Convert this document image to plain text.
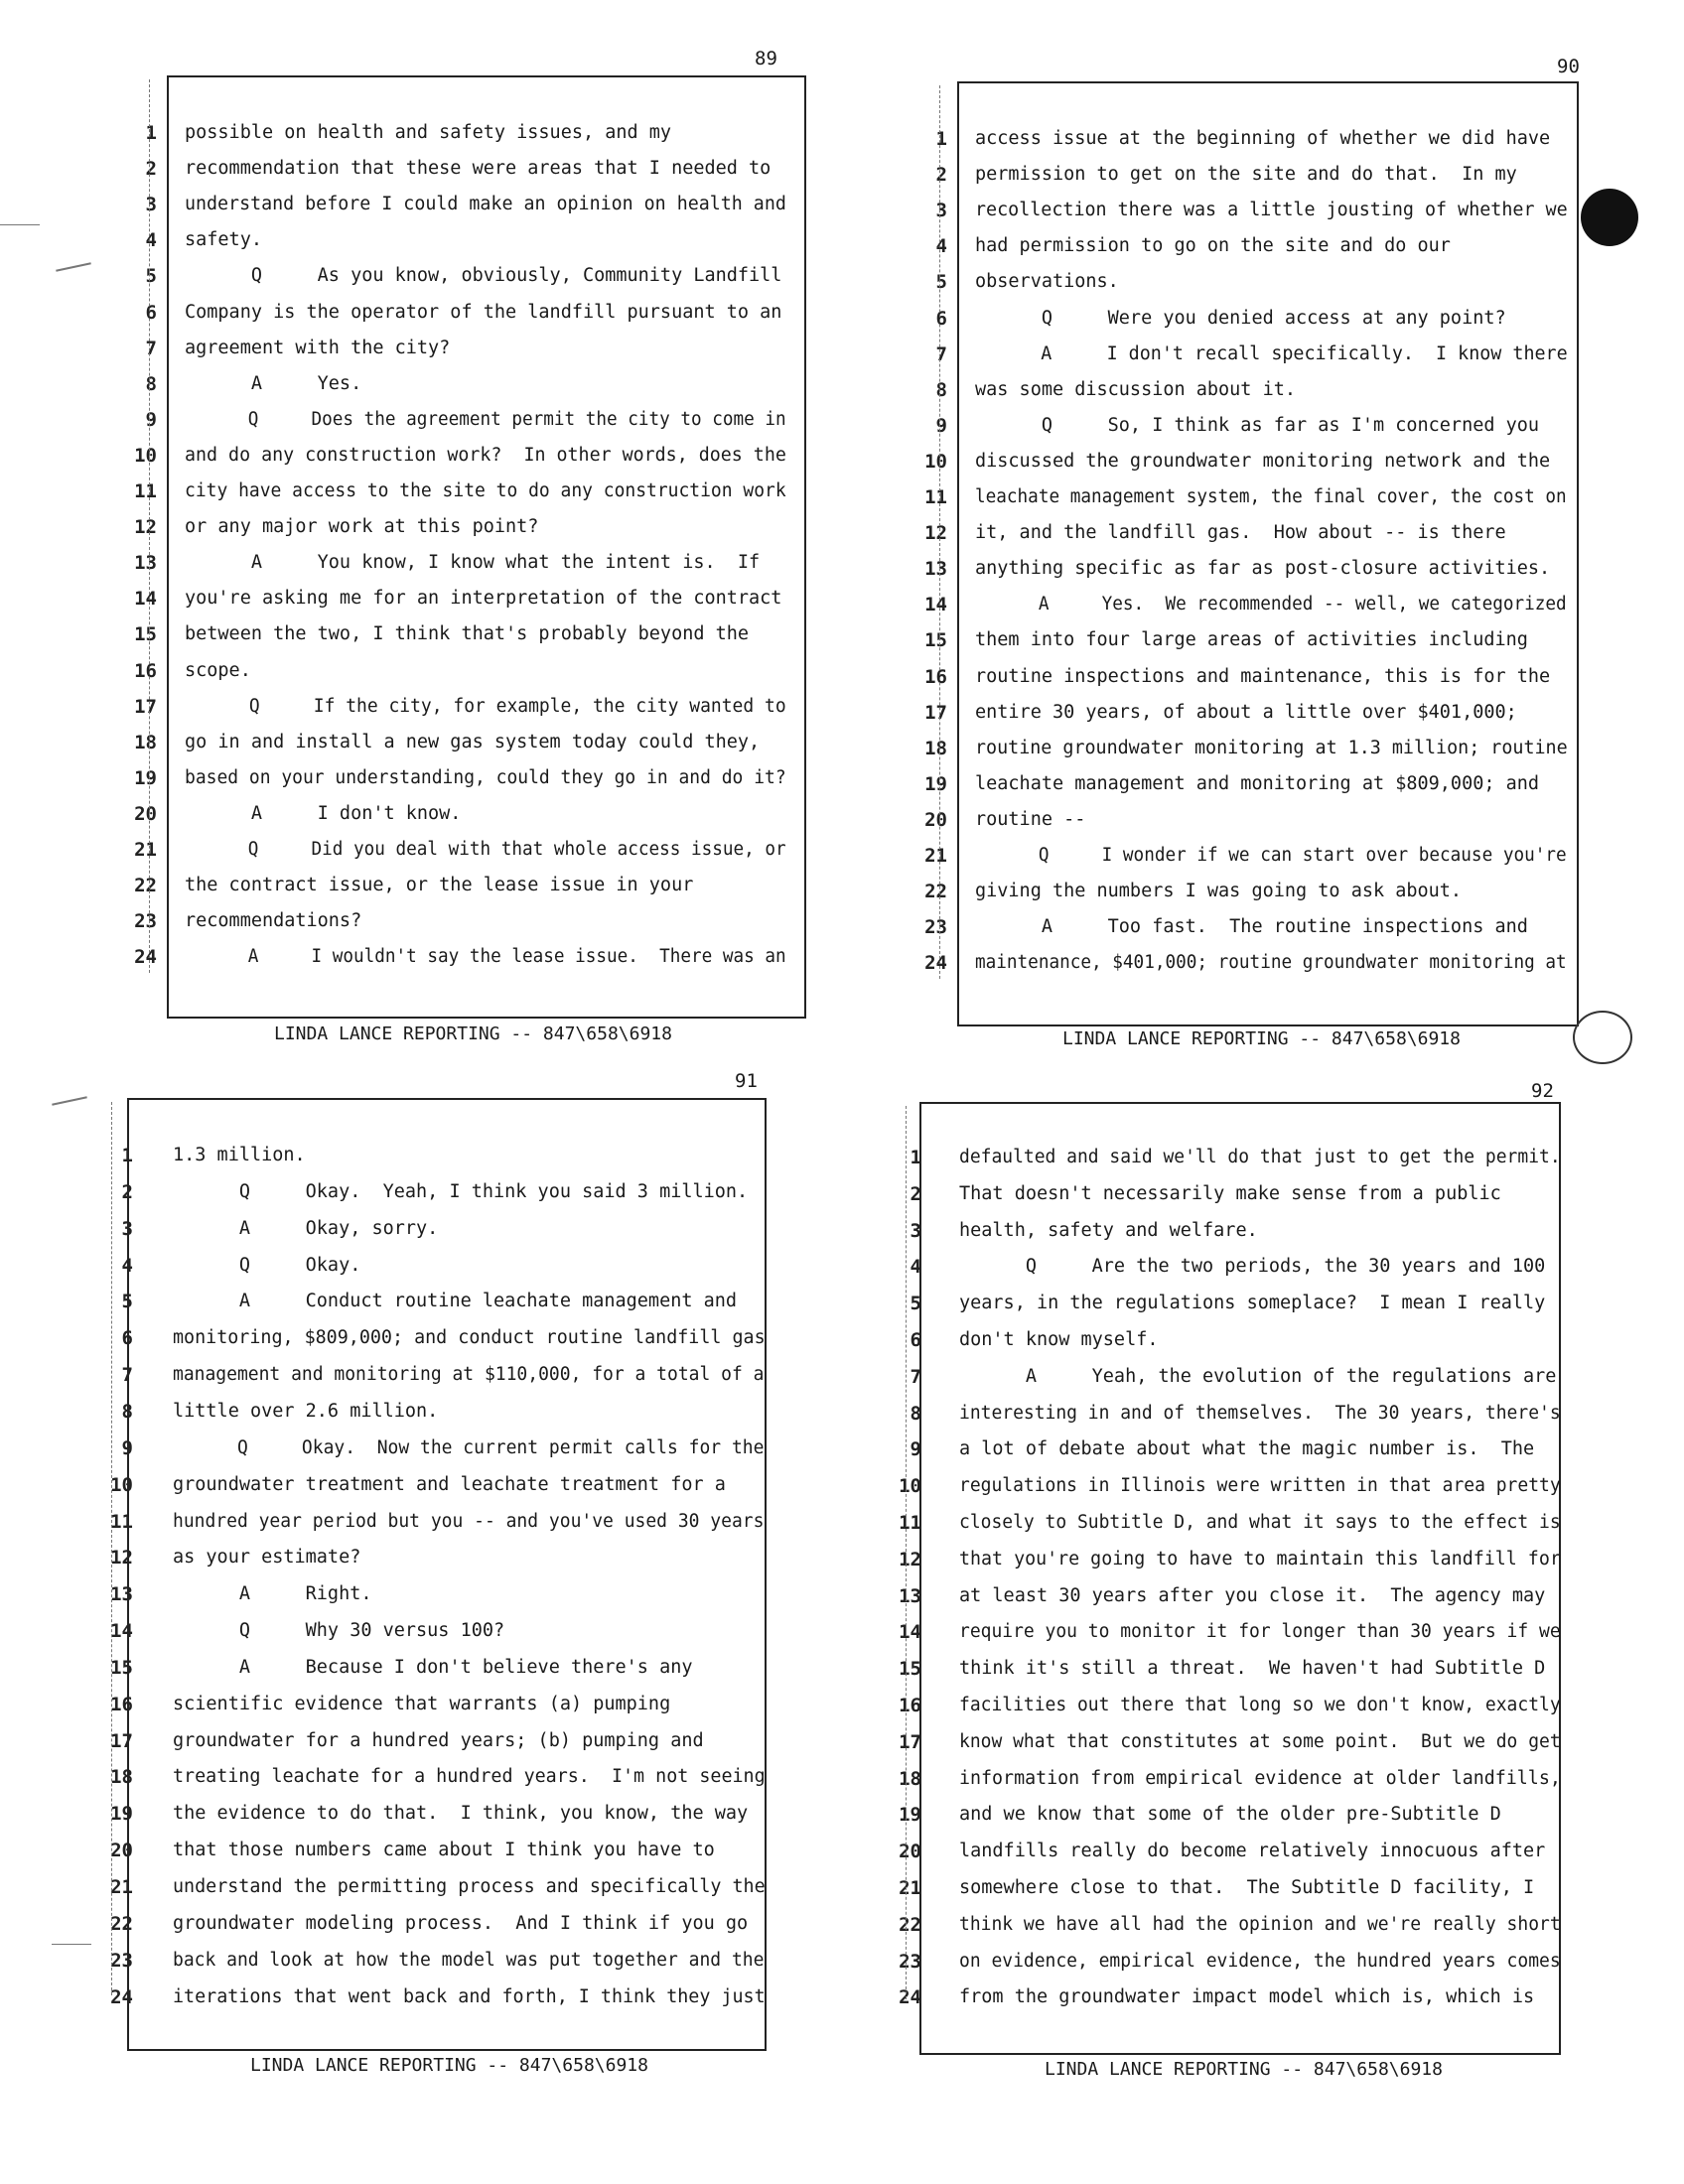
89
1 possible on health and safety issues, and my
2 recommendation that these were areas that I needed to
3 understand before I could make an opinion on health and
4 safety.
5 Q     As you know, obviously, Community Landfill
6 Company is the operator of the landfill pursuant to an
7 agreement with the city?
8 A     Yes.
9 Q     Does the agreement permit the city to come in
10 and do any construction work?  In other words, does the
11 city have access to the site to do any construction work
12 or any major work at this point?
13 A     You know, I know what the intent is.  If
14 you're asking me for an interpretation of the contract
15 between the two, I think that's probably beyond the
16 scope.
17 Q     If the city, for example, the city wanted to
18 go in and install a new gas system today could they,
19 based on your understanding, could they go in and do it?
20 A     I don't know.
21 Q     Did you deal with that whole access issue, or
22 the contract issue, or the lease issue in your
23 recommendations?
24 A     I wouldn't say the lease issue.  There was an
LINDA LANCE REPORTING -- 847\658\6918
90
1 access issue at the beginning of whether we did have
2 permission to get on the site and do that.  In my
3 recollection there was a little jousting of whether we
4 had permission to go on the site and do our
5 observations.
6 Q     Were you denied access at any point?
7 A     I don't recall specifically.  I know there
8 was some discussion about it.
9 Q     So, I think as far as I'm concerned you
10 discussed the groundwater monitoring network and the
11 leachate management system, the final cover, the cost on
12 it, and the landfill gas.  How about -- is there
13 anything specific as far as post-closure activities.
14 A     Yes.  We recommended -- well, we categorized
15 them into four large areas of activities including
16 routine inspections and maintenance, this is for the
17 entire 30 years, of about a little over $401,000;
18 routine groundwater monitoring at 1.3 million; routine
19 leachate management and monitoring at $809,000; and
20 routine --
21 Q     I wonder if we can start over because you're
22 giving the numbers I was going to ask about.
23 A     Too fast.  The routine inspections and
24 maintenance, $401,000; routine groundwater monitoring at
LINDA LANCE REPORTING -- 847\658\6918
91
1 1.3 million.
2 Q     Okay.  Yeah, I think you said 3 million.
3 A     Okay, sorry.
4 Q     Okay.
5 A     Conduct routine leachate management and
6 monitoring, $809,000; and conduct routine landfill gas
7 management and monitoring at $110,000, for a total of a
8 little over 2.6 million.
9 Q     Okay.  Now the current permit calls for the
10 groundwater treatment and leachate treatment for a
11 hundred year period but you -- and you've used 30 years
12 as your estimate?
13 A     Right.
14 Q     Why 30 versus 100?
15 A     Because I don't believe there's any
16 scientific evidence that warrants (a) pumping
17 groundwater for a hundred years; (b) pumping and
18 treating leachate for a hundred years.  I'm not seeing
19 the evidence to do that.  I think, you know, the way
20 that those numbers came about I think you have to
21 understand the permitting process and specifically the
22 groundwater modeling process.  And I think if you go
23 back and look at how the model was put together and the
24 iterations that went back and forth, I think they just
LINDA LANCE REPORTING -- 847\658\6918
92
1 defaulted and said we'll do that just to get the permit.
2 That doesn't necessarily make sense from a public
3 health, safety and welfare.
4 Q     Are the two periods, the 30 years and 100
5 years, in the regulations someplace?  I mean I really
6 don't know myself.
7 A     Yeah, the evolution of the regulations are
8 interesting in and of themselves.  The 30 years, there's
9 a lot of debate about what the magic number is.  The
10 regulations in Illinois were written in that area pretty
11 closely to Subtitle D, and what it says to the effect is
12 that you're going to have to maintain this landfill for
13 at least 30 years after you close it.  The agency may
14 require you to monitor it for longer than 30 years if we
15 think it's still a threat.  We haven't had Subtitle D
16 facilities out there that long so we don't know, exactly
17 know what that constitutes at some point.  But we do get
18 information from empirical evidence at older landfills,
19 and we know that some of the older pre-Subtitle D
20 landfills really do become relatively innocuous after
21 somewhere close to that.  The Subtitle D facility, I
22 think we have all had the opinion and we're really short
23 on evidence, empirical evidence, the hundred years comes
24 from the groundwater impact model which is, which is
LINDA LANCE REPORTING -- 847\658\6918
